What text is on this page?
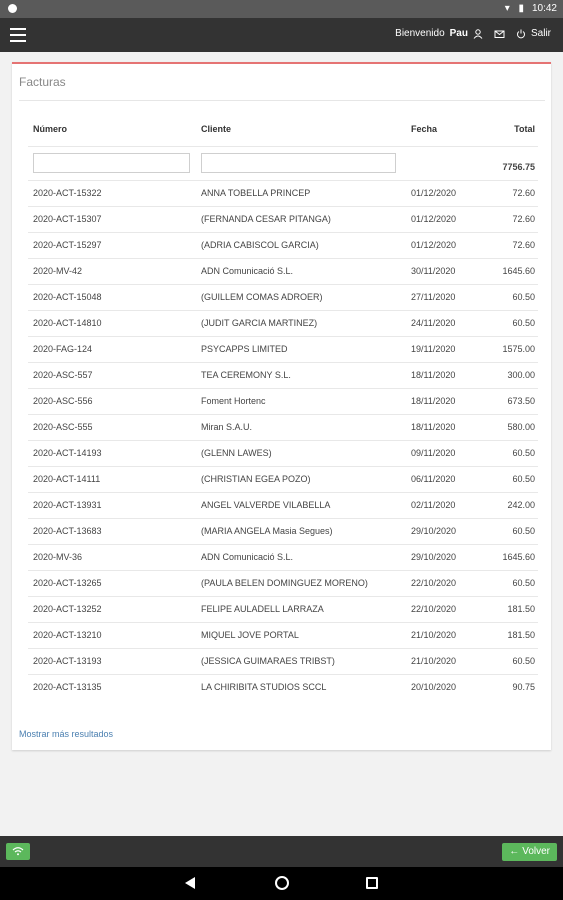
▾ ▮ 10:42
Bienvenido Pau	Salir
Facturas
Número	Cliente	Fecha	Total

		7756.75
2020-ACT-15322	ANNA TOBELLA PRINCEP	01/12/2020	72.60
2020-ACT-15307	(FERNANDA CESAR PITANGA)	01/12/2020	72.60
2020-ACT-15297	(ADRIA CABISCOL GARCIA)	01/12/2020	72.60
2020-MV-42	ADN Comunicació S.L.	30/11/2020	1645.60
2020-ACT-15048	(GUILLEM COMAS ADROER)	27/11/2020	60.50
2020-ACT-14810	(JUDIT GARCIA MARTINEZ)	24/11/2020	60.50
2020-FAG-124	PSYCAPPS LIMITED	19/11/2020	1575.00
2020-ASC-557	TEA CEREMONY S.L.	18/11/2020	300.00
2020-ASC-556	Foment Hortenc	18/11/2020	673.50
2020-ASC-555	Miran S.A.U.	18/11/2020	580.00
2020-ACT-14193	(GLENN LAWES)	09/11/2020	60.50
2020-ACT-14111	(CHRISTIAN EGEA POZO)	06/11/2020	60.50
2020-ACT-13931	ANGEL VALVERDE VILABELLA	02/11/2020	242.00
2020-ACT-13683	(MARIA ANGELA Masia Segues)	29/10/2020	60.50
2020-MV-36	ADN Comunicació S.L.	29/10/2020	1645.60
2020-ACT-13265	(PAULA BELEN DOMINGUEZ MORENO)	22/10/2020	60.50
2020-ACT-13252	FELIPE AULADELL LARRAZA	22/10/2020	181.50
2020-ACT-13210	MIQUEL JOVE PORTAL	21/10/2020	181.50
2020-ACT-13193	(JESSICA GUIMARAES TRIBST)	21/10/2020	60.50
2020-ACT-13135	LA CHIRIBITA STUDIOS SCCL	20/10/2020	90.75
Mostrar más resultados
← Volver
